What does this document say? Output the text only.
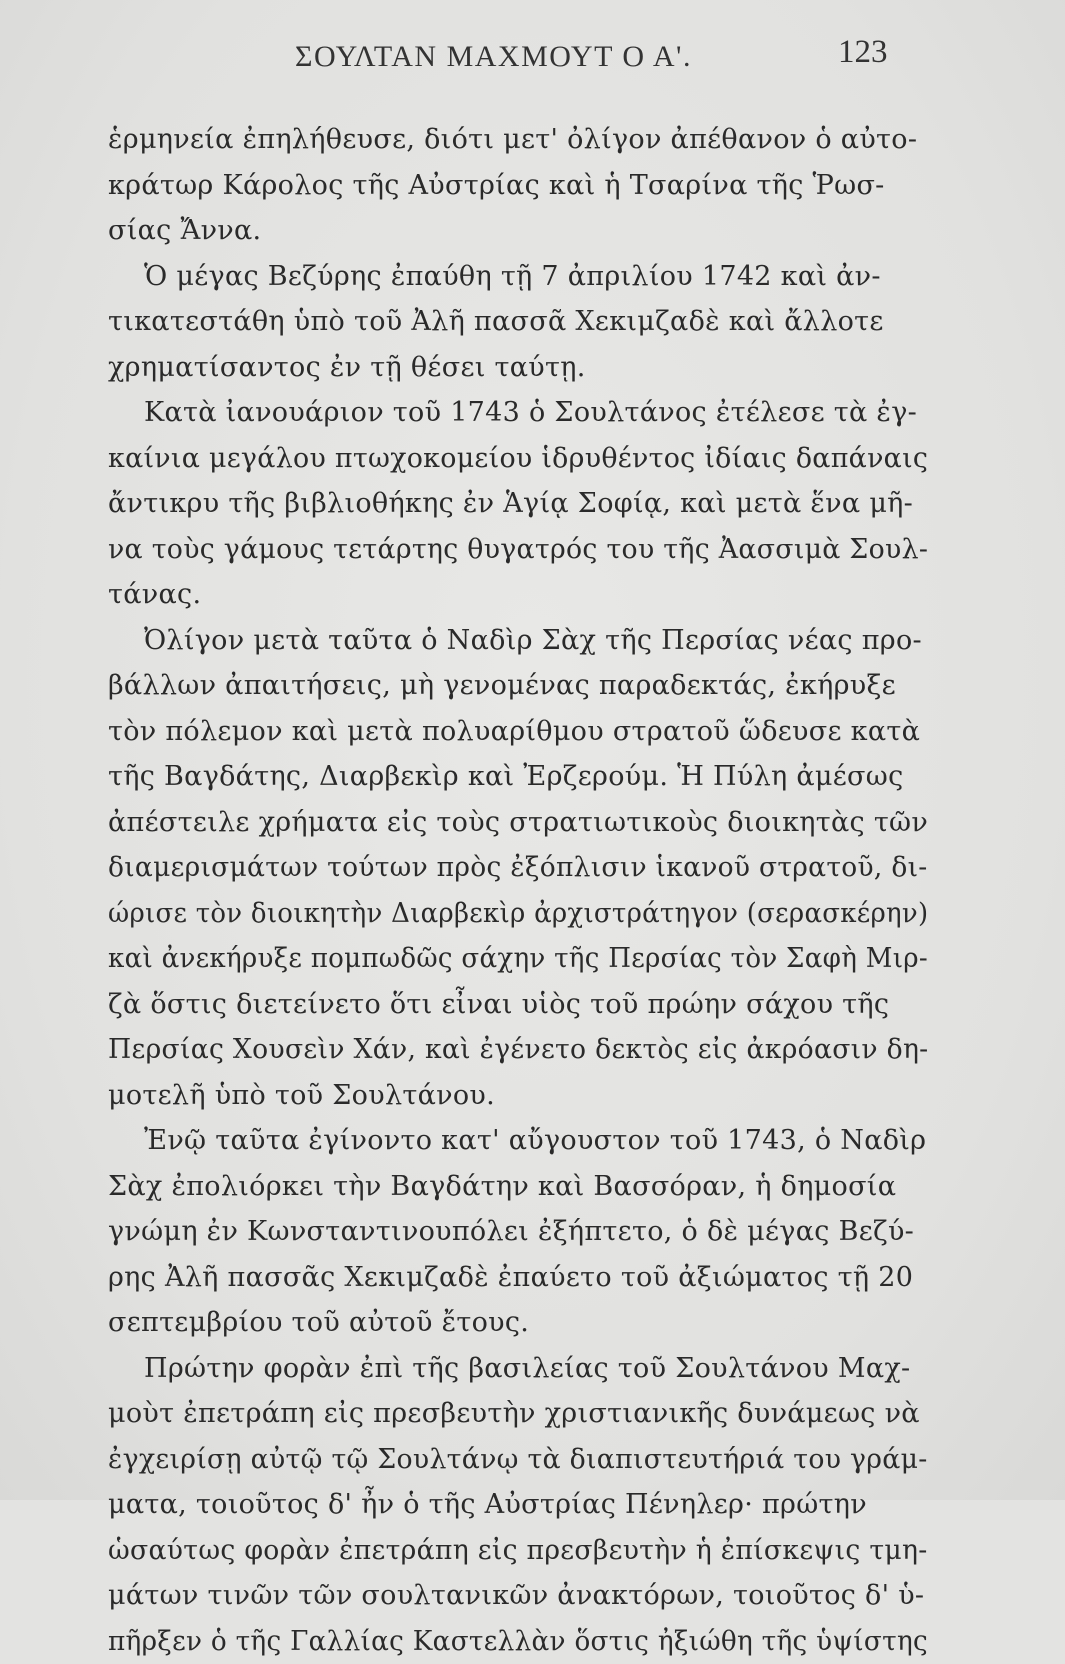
ΣΟΥΛΤΑΝ ΜΑΧΜΟΥΤ Ο Α'.	123
ἑρμηνεία ἐπηλήθευσε, διότι μετ' ὀλίγον ἀπέθανον ὁ αὐτο-
κράτωρ Κάρολος τῆς Αὐστρίας καὶ ἡ Τσαρίνα τῆς Ῥωσ-
σίας Ἄννα.
Ὁ μέγας Βεζύρης ἐπαύθη τῇ 7 ἀπριλίου 1742 καὶ ἀν-
τικατεστάθη ὑπὸ τοῦ Ἀλῆ πασσᾶ Χεκιμζαδὲ καὶ ἄλλοτε
χρηματίσαντος ἐν τῇ θέσει ταύτῃ.
Κατὰ ἰανουάριον τοῦ 1743 ὁ Σουλτάνος ἐτέλεσε τὰ ἐγ-
καίνια μεγάλου πτωχοκομείου ἱδρυθέντος ἰδίαις δαπάναις
ἄντικρυ τῆς βιβλιοθήκης ἐν Ἁγίᾳ Σοφίᾳ, καὶ μετὰ ἕνα μῆ-
να τοὺς γάμους τετάρτης θυγατρός του τῆς Ἀασσιμὰ Σουλ-
τάνας.
Ὀλίγον μετὰ ταῦτα ὁ Ναδὶρ Σὰχ τῆς Περσίας νέας προ-
βάλλων ἀπαιτήσεις, μὴ γενομένας παραδεκτάς, ἐκήρυξε
τὸν πόλεμον καὶ μετὰ πολυαρίθμου στρατοῦ ὥδευσε κατὰ
τῆς Βαγδάτης, Διαρβεκὶρ καὶ Ἐρζερούμ. Ἡ Πύλη ἀμέσως
ἀπέστειλε χρήματα εἰς τοὺς στρατιωτικοὺς διοικητὰς τῶν
διαμερισμάτων τούτων πρὸς ἐξόπλισιν ἱκανοῦ στρατοῦ, δι-
ώρισε τὸν διοικητὴν Διαρβεκὶρ ἀρχιστράτηγον (σερασκέρην)
καὶ ἀνεκήρυξε πομπωδῶς σάχην τῆς Περσίας τὸν Σαφὴ Μιρ-
ζὰ ὅστις διετείνετο ὅτι εἶναι υἱὸς τοῦ πρώην σάχου τῆς
Περσίας Χουσεὶν Χάν, καὶ ἐγένετο δεκτὸς εἰς ἀκρόασιν δη-
μοτελῆ ὑπὸ τοῦ Σουλτάνου.
Ἐνῷ ταῦτα ἐγίνοντο κατ' αὔγουστον τοῦ 1743, ὁ Ναδὶρ
Σὰχ ἐπολιόρκει τὴν Βαγδάτην καὶ Βασσόραν, ἡ δημοσία
γνώμη ἐν Κωνσταντινουπόλει ἐξήπτετο, ὁ δὲ μέγας Βεζύ-
ρης Ἀλῆ πασσᾶς Χεκιμζαδὲ ἐπαύετο τοῦ ἀξιώματος τῇ 20
σεπτεμβρίου τοῦ αὐτοῦ ἔτους.
Πρώτην φορὰν ἐπὶ τῆς βασιλείας τοῦ Σουλτάνου Μαχ-
μοὺτ ἐπετράπη εἰς πρεσβευτὴν χριστιανικῆς δυνάμεως νὰ
ἐγχειρίσῃ αὐτῷ τῷ Σουλτάνῳ τὰ διαπιστευτήριά του γράμ-
ματα, τοιοῦτος δ' ἦν ὁ τῆς Αὐστρίας Πένηλερ· πρώτην
ὡσαύτως φορὰν ἐπετράπη εἰς πρεσβευτὴν ἡ ἐπίσκεψις τμη-
μάτων τινῶν τῶν σουλτανικῶν ἀνακτόρων, τοιοῦτος δ' ὑ-
πῆρξεν ὁ τῆς Γαλλίας Καστελλὰν ὅστις ἠξιώθη τῆς ὑψίστης
